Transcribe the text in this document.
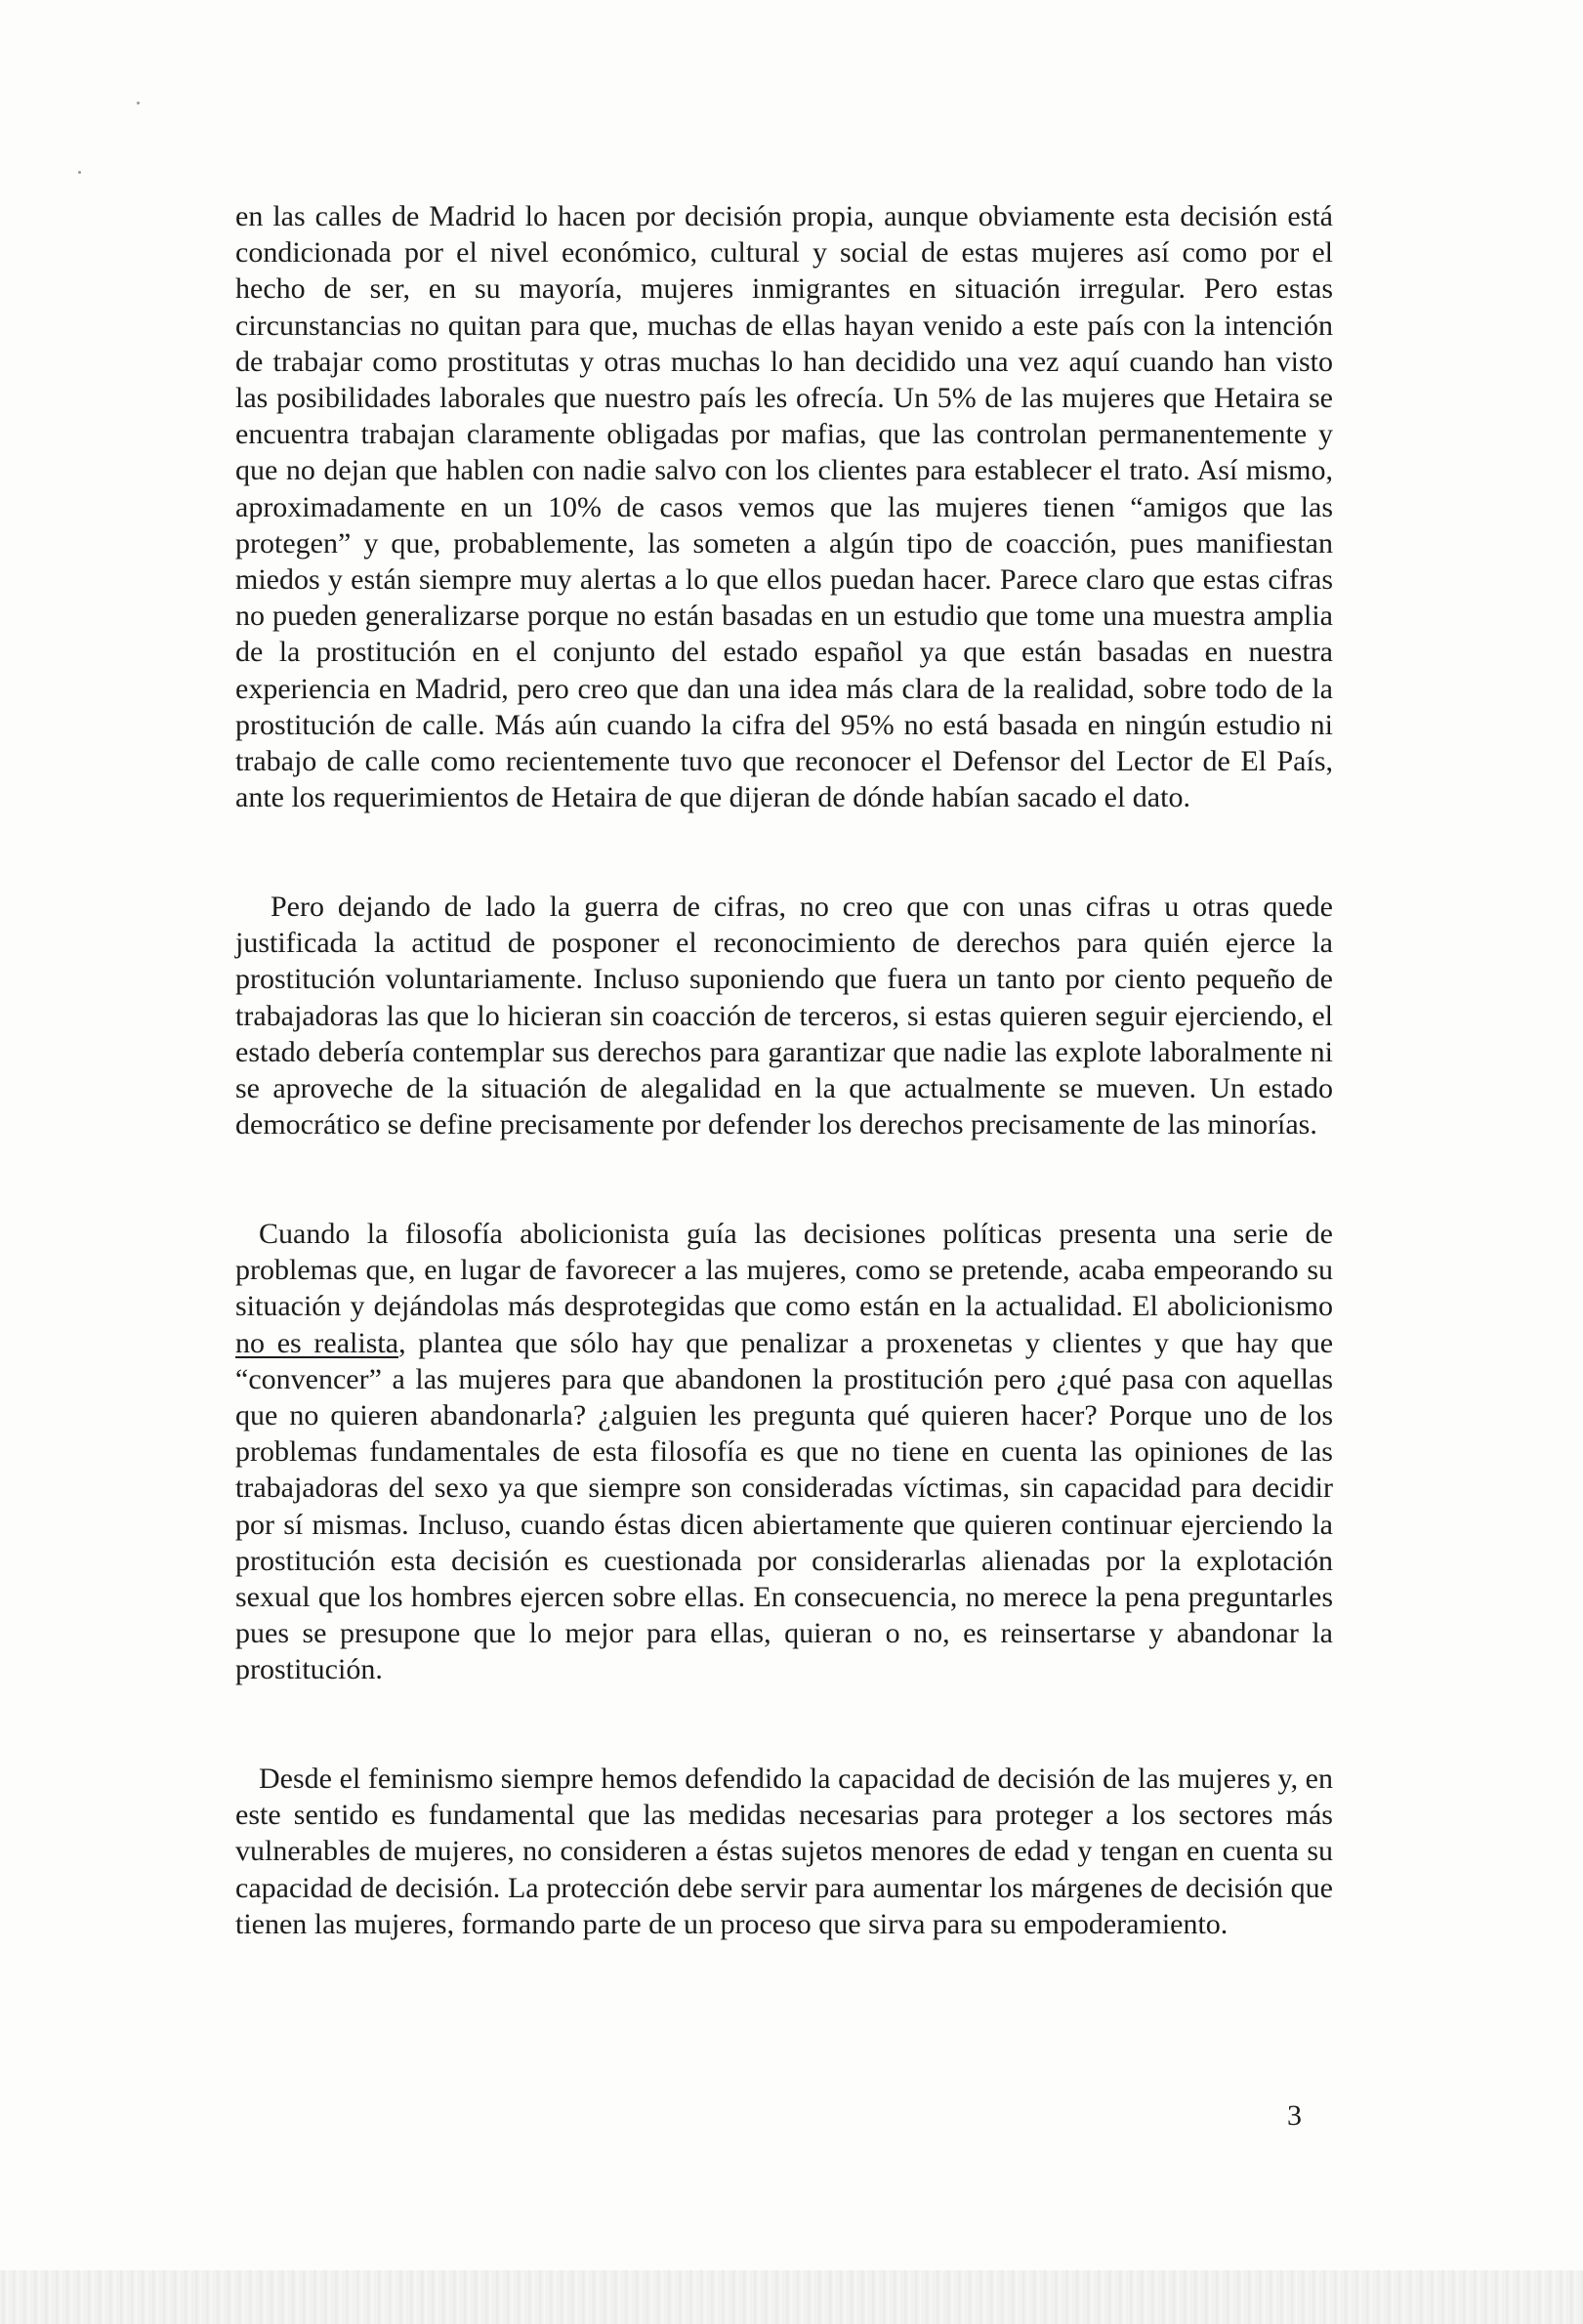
en las calles de Madrid lo hacen por decisión propia, aunque obviamente esta decisión está condicionada por el nivel económico, cultural y social de estas mujeres así como por el hecho de ser, en su mayoría, mujeres inmigrantes en situación irregular. Pero estas circunstancias no quitan para que, muchas de ellas hayan venido a este país con la intención de trabajar como prostitutas y otras muchas lo han decidido una vez aquí cuando han visto las posibilidades laborales que nuestro país les ofrecía. Un 5% de las mujeres que Hetaira se encuentra trabajan claramente obligadas por mafias, que las controlan permanentemente y que no dejan que hablen con nadie salvo con los clientes para establecer el trato. Así mismo, aproximadamente en un 10% de casos vemos que las mujeres tienen “amigos que las protegen” y que, probablemente, las someten a algún tipo de coacción, pues manifiestan miedos y están siempre muy alertas a lo que ellos puedan hacer. Parece claro que estas cifras no pueden generalizarse porque no están basadas en un estudio que tome una muestra amplia de la prostitución en el conjunto del estado español ya que están basadas en nuestra experiencia en Madrid, pero creo que dan una idea más clara de la realidad, sobre todo de la prostitución de calle. Más aún cuando la cifra del 95% no está basada en ningún estudio ni trabajo de calle como recientemente tuvo que reconocer el Defensor del Lector de El País, ante los requerimientos de Hetaira de que dijeran de dónde habían sacado el dato.

Pero dejando de lado la guerra de cifras, no creo que con unas cifras u otras quede justificada la actitud de posponer el reconocimiento de derechos para quién ejerce la prostitución voluntariamente. Incluso suponiendo que fuera un tanto por ciento pequeño de trabajadoras las que lo hicieran sin coacción de terceros, si estas quieren seguir ejerciendo, el estado debería contemplar sus derechos para garantizar que nadie las explote laboralmente ni se aproveche de la situación de alegalidad en la que actualmente se mueven. Un estado democrático se define precisamente por defender los derechos precisamente de las minorías.

Cuando la filosofía abolicionista guía las decisiones políticas presenta una serie de problemas que, en lugar de favorecer a las mujeres, como se pretende, acaba empeorando su situación y dejándolas más desprotegidas que como están en la actualidad. El abolicionismo no es realista, plantea que sólo hay que penalizar a proxenetas y clientes y que hay que “convencer” a las mujeres para que abandonen la prostitución pero ¿qué pasa con aquellas que no quieren abandonarla? ¿alguien les pregunta qué quieren hacer? Porque uno de los problemas fundamentales de esta filosofía es que no tiene en cuenta las opiniones de las trabajadoras del sexo ya que siempre son consideradas víctimas, sin capacidad para decidir por sí mismas. Incluso, cuando éstas dicen abiertamente que quieren continuar ejerciendo la prostitución esta decisión es cuestionada por considerarlas alienadas por la explotación sexual que los hombres ejercen sobre ellas. En consecuencia, no merece la pena preguntarles pues se presupone que lo mejor para ellas, quieran o no, es reinsertarse y abandonar la prostitución.

Desde el feminismo siempre hemos defendido la capacidad de decisión de las mujeres y, en este sentido es fundamental que las medidas necesarias para proteger a los sectores más vulnerables de mujeres, no consideren a éstas sujetos menores de edad y tengan en cuenta su capacidad de decisión. La protección debe servir para aumentar los márgenes de decisión que tienen las mujeres, formando parte de un proceso que sirva para su empoderamiento.

3
